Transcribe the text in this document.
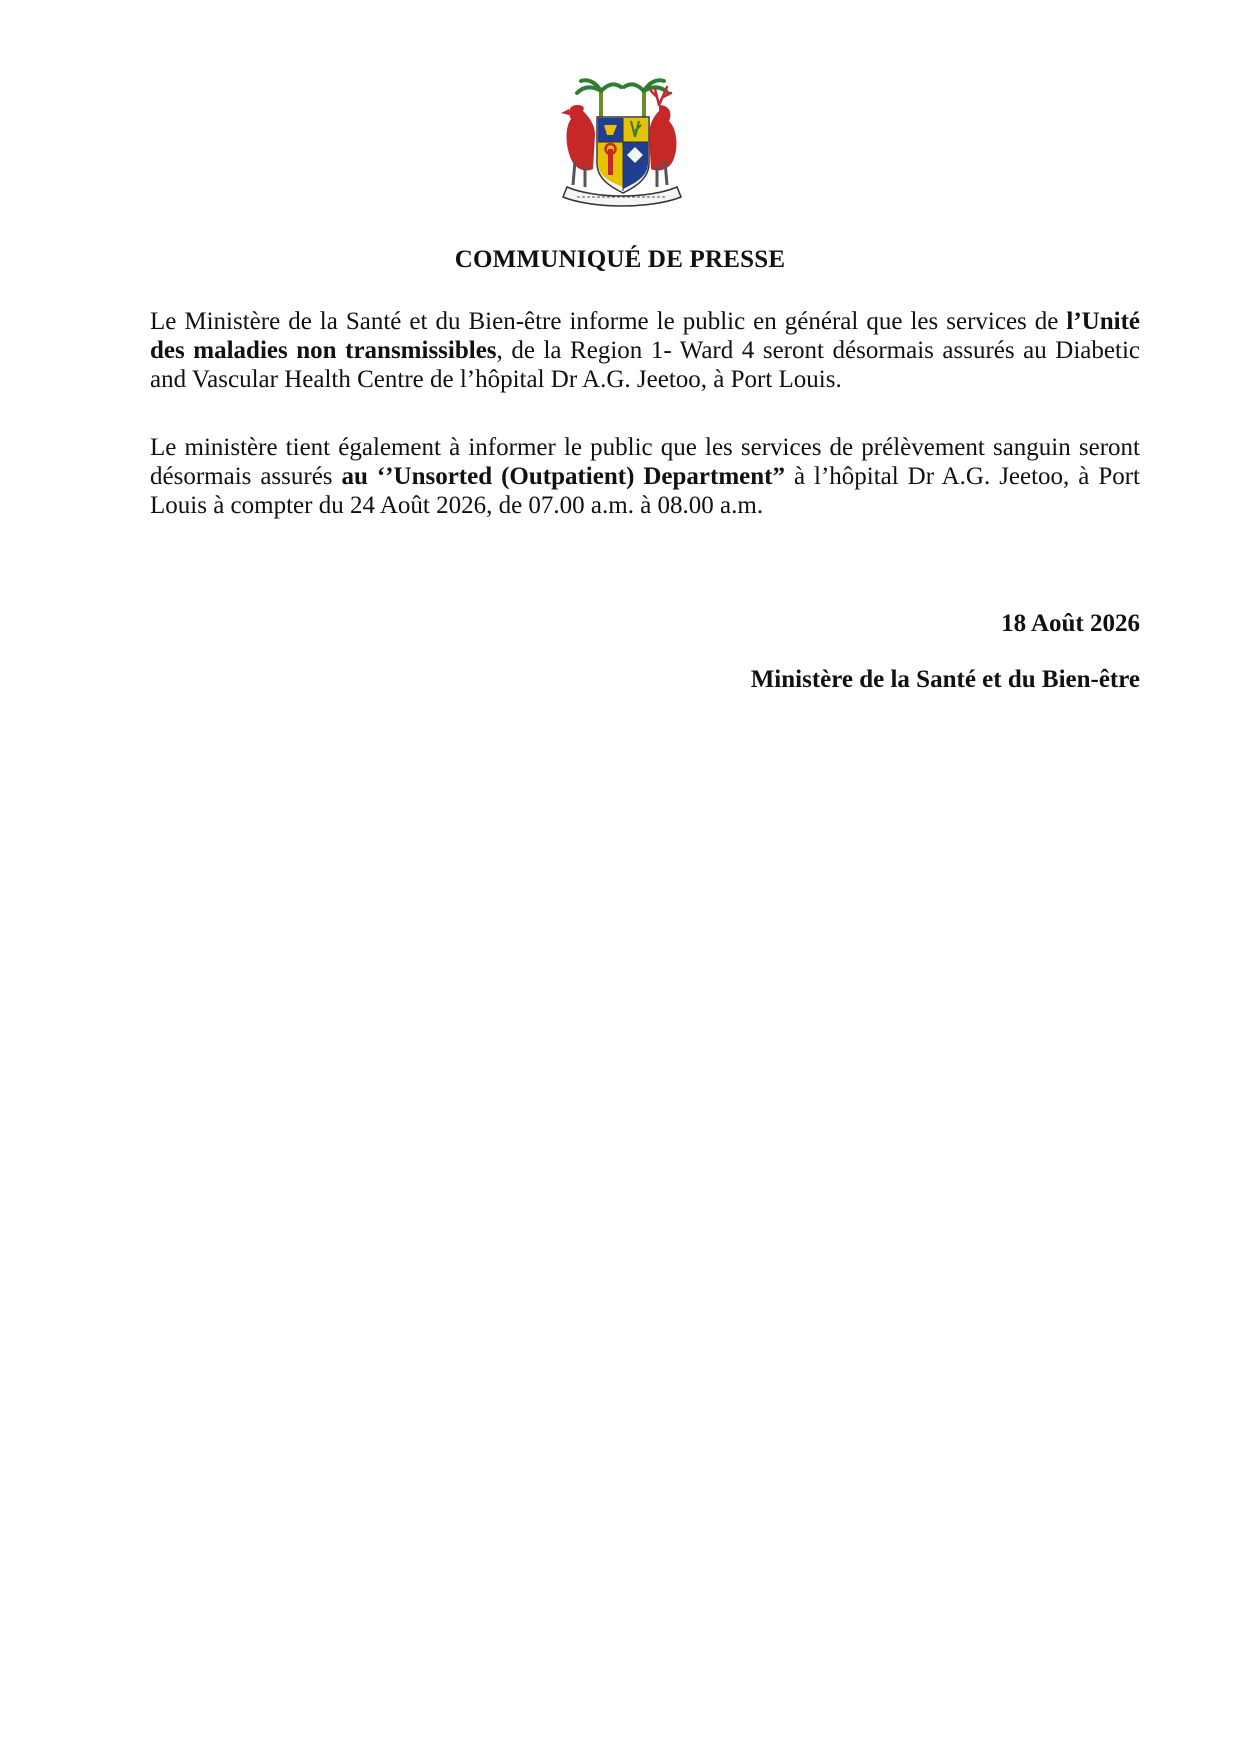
COMMUNIQUÉ DE PRESSE

Le Ministère de la Santé et du Bien-être informe le public en général que les services de l’Unité des maladies non transmissibles, de la Region 1- Ward 4 seront désormais assurés au Diabetic and Vascular Health Centre de l’hôpital Dr A.G. Jeetoo, à Port Louis.

Le ministère tient également à informer le public que les services de prélèvement sanguin seront désormais assurés au ‘’Unsorted (Outpatient) Department” à l’hôpital Dr A.G. Jeetoo, à Port Louis à compter du 24 Août 2026, de 07.00 a.m. à 08.00 a.m.

18 Août 2026
Ministère de la Santé et du Bien-être
